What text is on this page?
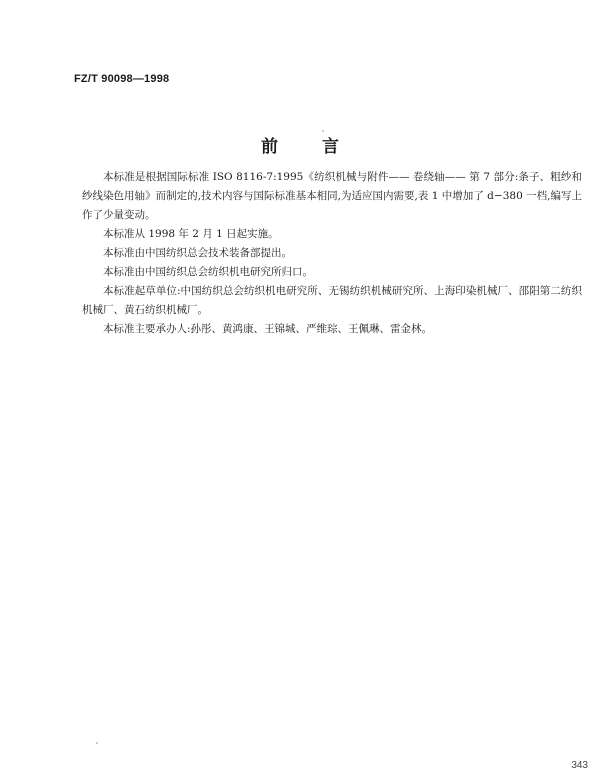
FZ/T 90098—1998
前言

本标准是根据国际标准 ISO 8116-7:1995《纺织机械与附件—— 卷绕轴—— 第 7 部分:条子、粗纱和纱线染色用轴》而制定的,技术内容与国际标准基本相同,为适应国内需要,表 1 中增加了 d−380 一档,编写上作了少量变动。

本标准从 1998 年 2 月 1 日起实施。

本标准由中国纺织总会技术装备部提出。

本标准由中国纺织总会纺织机电研究所归口。

本标准起草单位:中国纺织总会纺织机电研究所、无锡纺织机械研究所、上海印染机械厂、邵阳第二纺织机械厂、黄石纺织机械厂。

本标准主要承办人:孙彤、黄鸿康、王锦城、严维琮、王佩琳、雷金林。

343
